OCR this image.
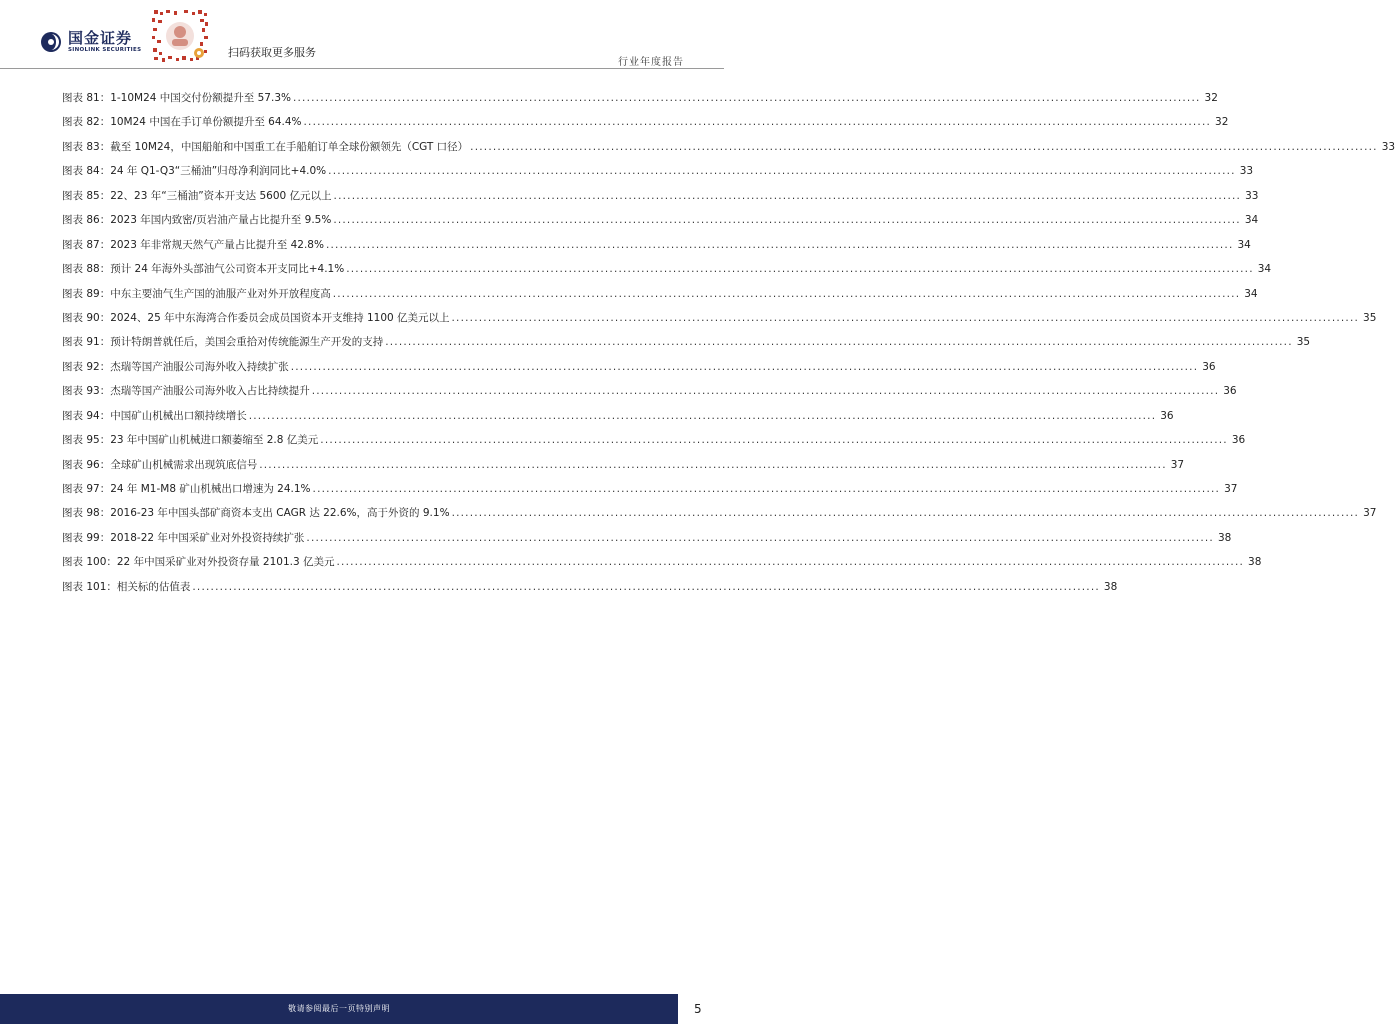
国金证券
SINOLINK SECURITIES	扫码获取更多服务
行业年度报告
图表 81：1-10M24 中国交付份额提升至 57.3% ........................................................................................................................................................................................................ 32
图表 82：10M24 中国在手订单份额提升至 64.4% ........................................................................................................................................................................................................ 32
图表 83：截至 10M24，中国船舶和中国重工在手船舶订单全球份额领先（CGT 口径） ........................................................................................................................................................................................................ 33
图表 84：24 年 Q1-Q3“三桶油”归母净利润同比+4.0% ........................................................................................................................................................................................................ 33
图表 85：22、23 年“三桶油”资本开支达 5600 亿元以上 ........................................................................................................................................................................................................ 33
图表 86：2023 年国内致密/页岩油产量占比提升至 9.5% ........................................................................................................................................................................................................ 34
图表 87：2023 年非常规天然气产量占比提升至 42.8% ........................................................................................................................................................................................................ 34
图表 88：预计 24 年海外头部油气公司资本开支同比+4.1% ........................................................................................................................................................................................................ 34
图表 89：中东主要油气生产国的油服产业对外开放程度高 ........................................................................................................................................................................................................ 34
图表 90：2024、25 年中东海湾合作委员会成员国资本开支维持 1100 亿美元以上 ........................................................................................................................................................................................................ 35
图表 91：预计特朗普就任后，美国会重拾对传统能源生产开发的支持 ........................................................................................................................................................................................................ 35
图表 92：杰瑞等国产油服公司海外收入持续扩张 ........................................................................................................................................................................................................ 36
图表 93：杰瑞等国产油服公司海外收入占比持续提升 ........................................................................................................................................................................................................ 36
图表 94：中国矿山机械出口额持续增长 ........................................................................................................................................................................................................ 36
图表 95：23 年中国矿山机械进口额萎缩至 2.8 亿美元 ........................................................................................................................................................................................................ 36
图表 96：全球矿山机械需求出现筑底信号 ........................................................................................................................................................................................................ 37
图表 97：24 年 M1-M8 矿山机械出口增速为 24.1% ........................................................................................................................................................................................................ 37
图表 98：2016-23 年中国头部矿商资本支出 CAGR 达 22.6%，高于外资的 9.1% ........................................................................................................................................................................................................ 37
图表 99：2018-22 年中国采矿业对外投资持续扩张 ........................................................................................................................................................................................................ 38
图表 100：22 年中国采矿业对外投资存量 2101.3 亿美元 ........................................................................................................................................................................................................ 38
图表 101：相关标的估值表 ........................................................................................................................................................................................................ 38
敬请参阅最后一页特别声明	5
